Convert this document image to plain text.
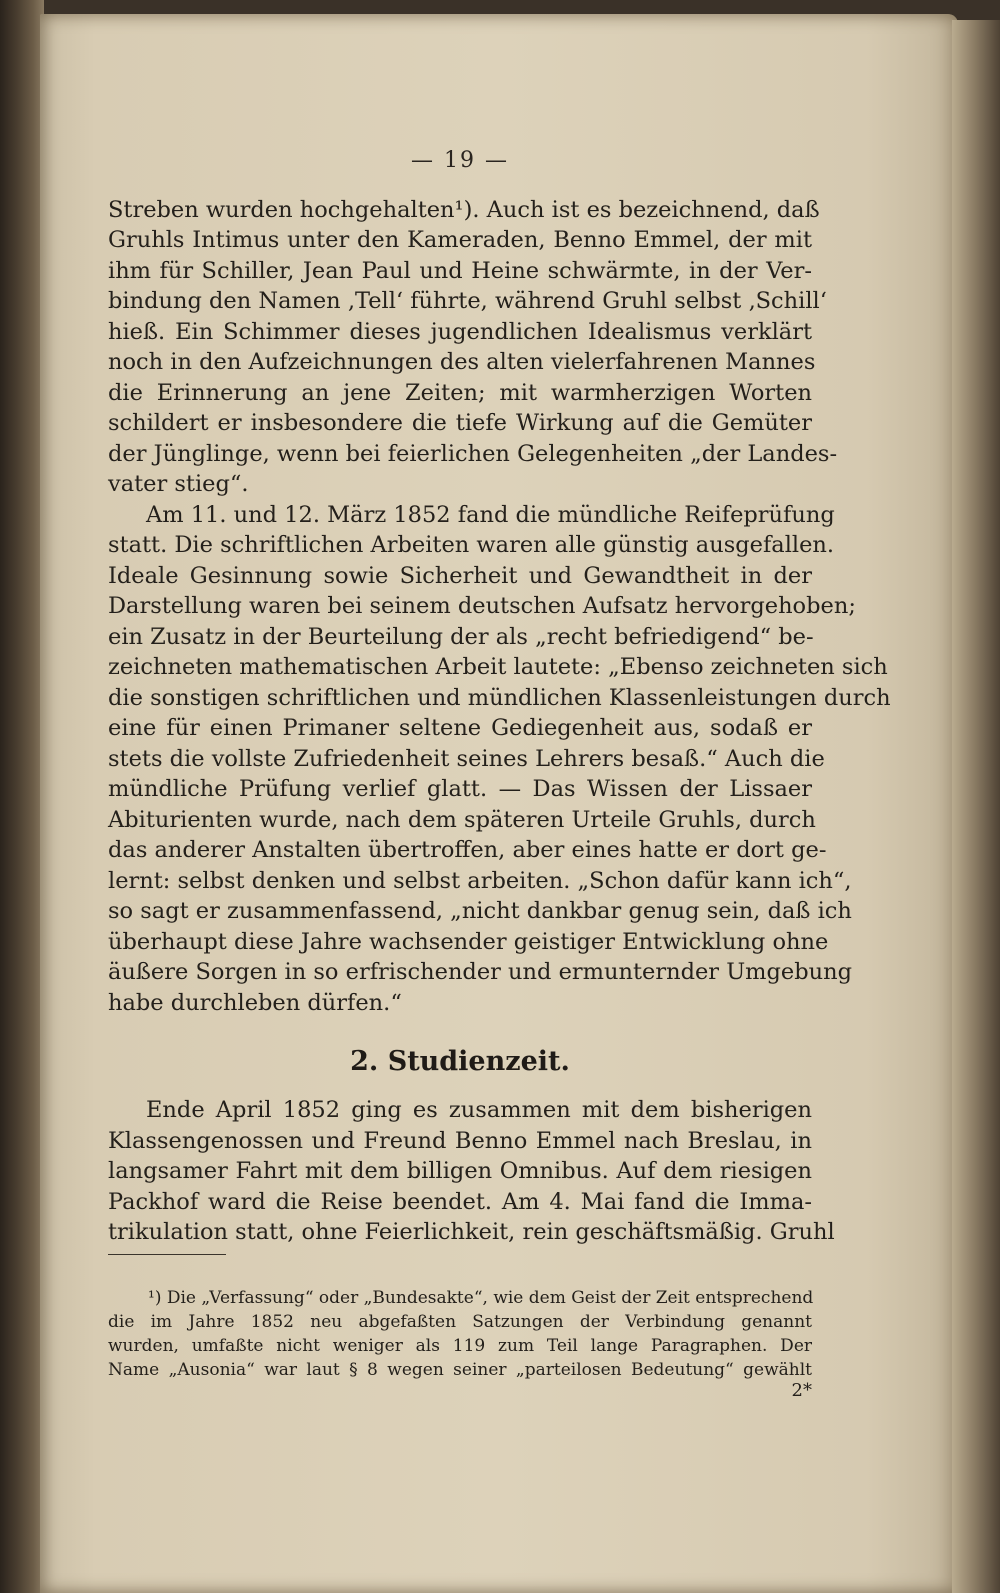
— 19 —
Streben wurden hochgehalten¹). Auch ist es bezeichnend, daß
Gruhls Intimus unter den Kameraden, Benno Emmel, der mit
ihm für Schiller, Jean Paul und Heine schwärmte, in der Ver-
bindung den Namen ‚Tell‘ führte, während Gruhl selbst ‚Schill‘
hieß. Ein Schimmer dieses jugendlichen Idealismus verklärt
noch in den Aufzeichnungen des alten vielerfahrenen Mannes
die Erinnerung an jene Zeiten; mit warmherzigen Worten
schildert er insbesondere die tiefe Wirkung auf die Gemüter
der Jünglinge, wenn bei feierlichen Gelegenheiten „der Landes-
vater stieg“.
Am 11. und 12. März 1852 fand die mündliche Reifeprüfung
statt. Die schriftlichen Arbeiten waren alle günstig ausgefallen.
Ideale Gesinnung sowie Sicherheit und Gewandtheit in der
Darstellung waren bei seinem deutschen Aufsatz hervorgehoben;
ein Zusatz in der Beurteilung der als „recht befriedigend“ be-
zeichneten mathematischen Arbeit lautete: „Ebenso zeichneten sich
die sonstigen schriftlichen und mündlichen Klassenleistungen durch
eine für einen Primaner seltene Gediegenheit aus, sodaß er
stets die vollste Zufriedenheit seines Lehrers besaß.“ Auch die
mündliche Prüfung verlief glatt. — Das Wissen der Lissaer
Abiturienten wurde, nach dem späteren Urteile Gruhls, durch
das anderer Anstalten übertroffen, aber eines hatte er dort ge-
lernt: selbst denken und selbst arbeiten. „Schon dafür kann ich“,
so sagt er zusammenfassend, „nicht dankbar genug sein, daß ich
überhaupt diese Jahre wachsender geistiger Entwicklung ohne
äußere Sorgen in so erfrischender und ermunternder Umgebung
habe durchleben dürfen.“
2. Studienzeit.
Ende April 1852 ging es zusammen mit dem bisherigen
Klassengenossen und Freund Benno Emmel nach Breslau, in
langsamer Fahrt mit dem billigen Omnibus. Auf dem riesigen
Packhof ward die Reise beendet. Am 4. Mai fand die Imma-
trikulation statt, ohne Feierlichkeit, rein geschäftsmäßig. Gruhl
¹) Die „Verfassung“ oder „Bundesakte“, wie dem Geist der Zeit entsprechend
die im Jahre 1852 neu abgefaßten Satzungen der Verbindung genannt
wurden, umfaßte nicht weniger als 119 zum Teil lange Paragraphen. Der
Name „Ausonia“ war laut § 8 wegen seiner „parteilosen Bedeutung“ gewählt
2*
